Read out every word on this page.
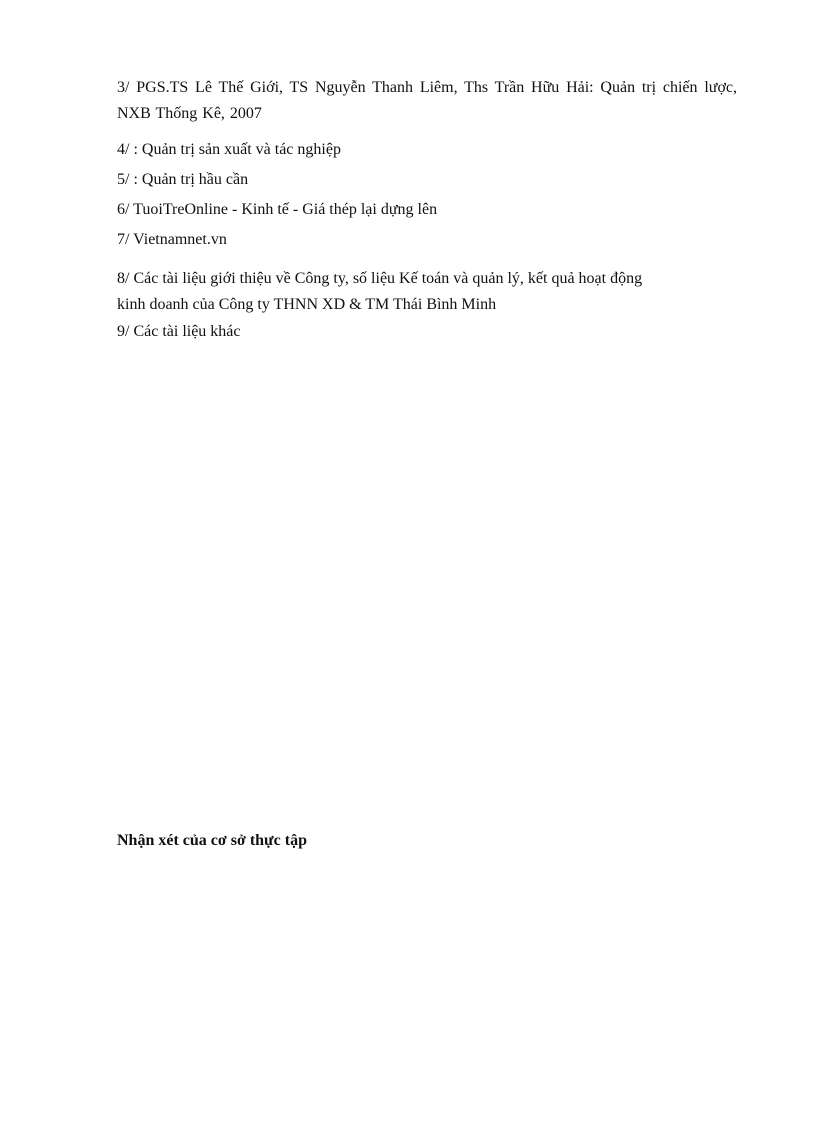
3/ PGS.TS Lê Thế Giới, TS Nguyễn Thanh Liêm, Ths Trần Hữu Hải: Quản trị chiến lược, NXB Thống Kê, 2007

4/ : Quản trị sản xuất và tác nghiệp

5/ : Quản trị hầu cần

6/ TuoiTreOnline - Kinh tế - Giá thép lại dựng lên

7/ Vietnamnet.vn

8/ Các tài liệu giới thiệu về Công ty, số liệu Kế toán và quản lý, kết quả hoạt động
kinh doanh của Công ty THNN XD & TM Thái Bình Minh

9/ Các tài liệu khác

Nhận xét của cơ sở thực tập
